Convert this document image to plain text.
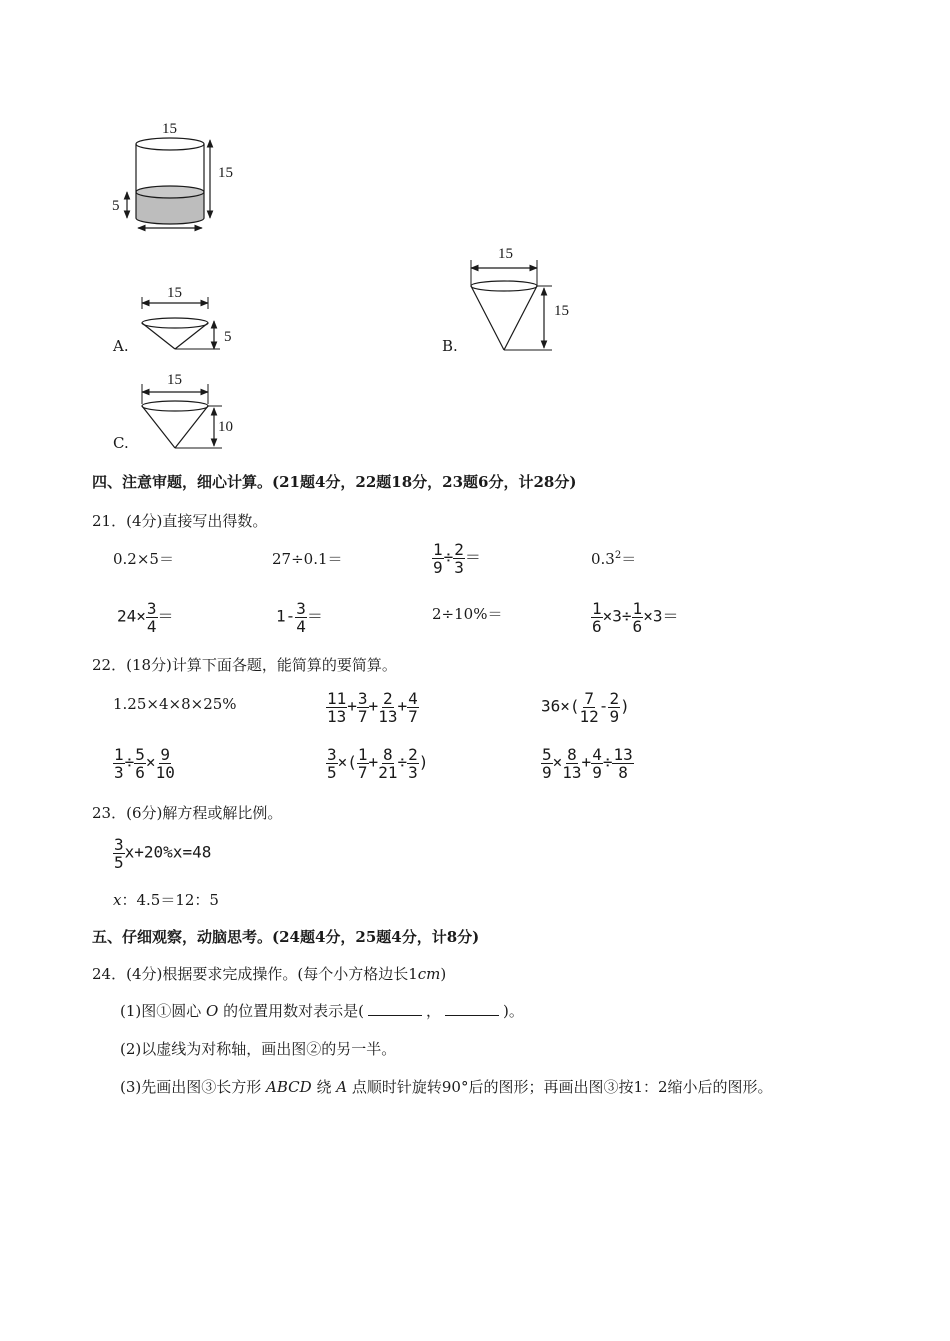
15
15
5
A.
15
5	B.
15
15
C.
15
10
四、注意审题，细心计算。(21题4分，22题18分，23题6分，计28分)
21．(4分)直接写出得数。
0.2×5＝	27÷0.1＝	$\frac{1}{9} \div \frac{2}{3}$ ＝	$0.3^2=$
$24\times \frac{3}{4}$ ＝	$1- \frac{3}{4}$ ＝	2÷10%＝	$\frac{1}{6} \times 3\div \frac{1}{6} \times 3=$
22．(18分)计算下面各题，能简算的要简算。
1.25×4×8×25%	$\frac{11}{13} + \frac{3}{7} + \frac{2}{13} + \frac{4}{7}$	$36\times( \frac{7}{12} - \frac{2}{9}$ )
$\frac{1}{3} \div \frac{5}{6} \times \frac{9}{10}$	$\frac{3}{5}$ ×( $\frac{1}{7} + \frac{8}{21} \div \frac{2}{3}$ )	$\frac{5}{9} \times \frac{8}{13} + \frac{4}{9} \div \frac{13}{8}$
23．(6分)解方程或解比例。
$\frac{3}{5} x+20\%x=48$
x：4.5＝12：5
五、仔细观察，动脑思考。(24题4分，25题4分，计8分)
24．(4分)根据要求完成操作。(每个小方格边长1cm)
(1)图①圆心 O 的位置用数对表示是(	，	)。
(2)以虚线为对称轴，画出图②的另一半。
(3)先画出图③长方形 ABCD 绕 A 点顺时针旋转90°后的图形；再画出图③按1：2缩小后的图形。
